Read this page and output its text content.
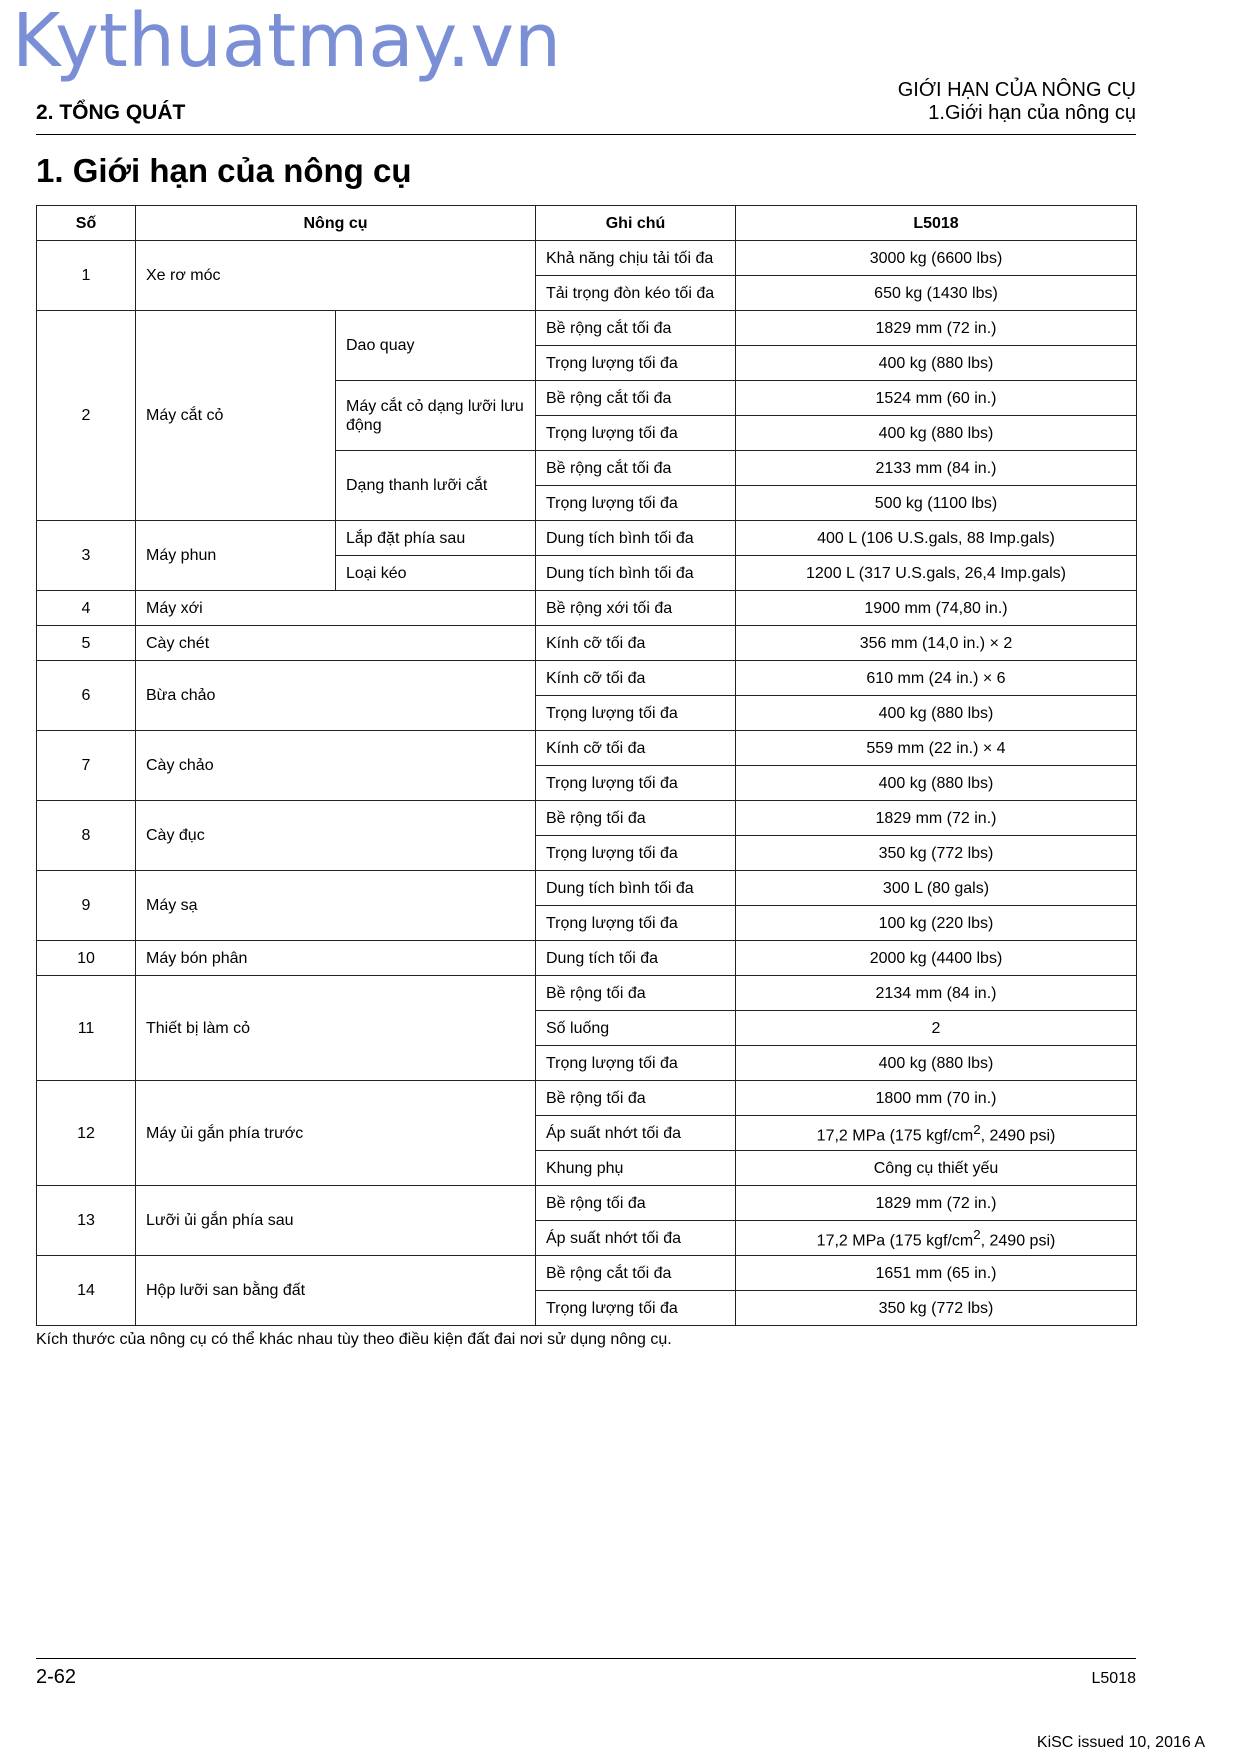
Kythuatmay.vn
2. TỔNG QUÁT
GIỚI HẠN CỦA NÔNG CỤ
1.Giới hạn của nông cụ
1. Giới hạn của nông cụ
Số	Nông cụ		Ghi chú	L5018
1	Xe rơ móc		Khả năng chịu tải tối đa	3000 kg (6600 lbs)
			Tải trọng đòn kéo tối đa	650 kg (1430 lbs)
2	Máy cắt cỏ	Dao quay	Bề rộng cắt tối đa	1829 mm (72 in.)
			Trọng lượng tối đa	400 kg (880 lbs)
		Máy cắt cỏ dạng lưỡi lưu động	Bề rộng cắt tối đa	1524 mm (60 in.)
			Trọng lượng tối đa	400 kg (880 lbs)
		Dạng thanh lưỡi cắt	Bề rộng cắt tối đa	2133 mm (84 in.)
			Trọng lượng tối đa	500 kg (1100 lbs)
3	Máy phun	Lắp đặt phía sau	Dung tích bình tối đa	400 L (106 U.S.gals, 88 Imp.gals)
		Loại kéo	Dung tích bình tối đa	1200 L (317 U.S.gals, 26,4 Imp.gals)
4	Máy xới		Bề rộng xới tối đa	1900 mm (74,80 in.)
5	Cày chét		Kính cỡ tối đa	356 mm (14,0 in.) × 2
6	Bừa chảo		Kính cỡ tối đa	610 mm (24 in.) × 6
			Trọng lượng tối đa	400 kg (880 lbs)
7	Cày chảo		Kính cỡ tối đa	559 mm (22 in.) × 4
			Trọng lượng tối đa	400 kg (880 lbs)
8	Cày đục		Bề rộng tối đa	1829 mm (72 in.)
			Trọng lượng tối đa	350 kg (772 lbs)
9	Máy sạ		Dung tích bình tối đa	300 L (80 gals)
			Trọng lượng tối đa	100 kg (220 lbs)
10	Máy bón phân		Dung tích tối đa	2000 kg (4400 lbs)
11	Thiết bị làm cỏ		Bề rộng tối đa	2134 mm (84 in.)
			Số luống	2
			Trọng lượng tối đa	400 kg (880 lbs)
12	Máy ủi gắn phía trước		Bề rộng tối đa	1800 mm (70 in.)
			Áp suất nhớt tối đa	17,2 MPa (175 kgf/$cm^2$, 2490 psi)
			Khung phụ	Công cụ thiết yếu
13	Lưỡi ủi gắn phía sau		Bề rộng tối đa	1829 mm (72 in.)
			Áp suất nhớt tối đa	17,2 MPa (175 kgf/$cm^2$, 2490 psi)
14	Hộp lưỡi san bằng đất		Bề rộng cắt tối đa	1651 mm (65 in.)
			Trọng lượng tối đa	350 kg (772 lbs)
Kích thước của nông cụ có thể khác nhau tùy theo điều kiện đất đai nơi sử dụng nông cụ.
2-62	L5018
KiSC issued 10, 2016 A
